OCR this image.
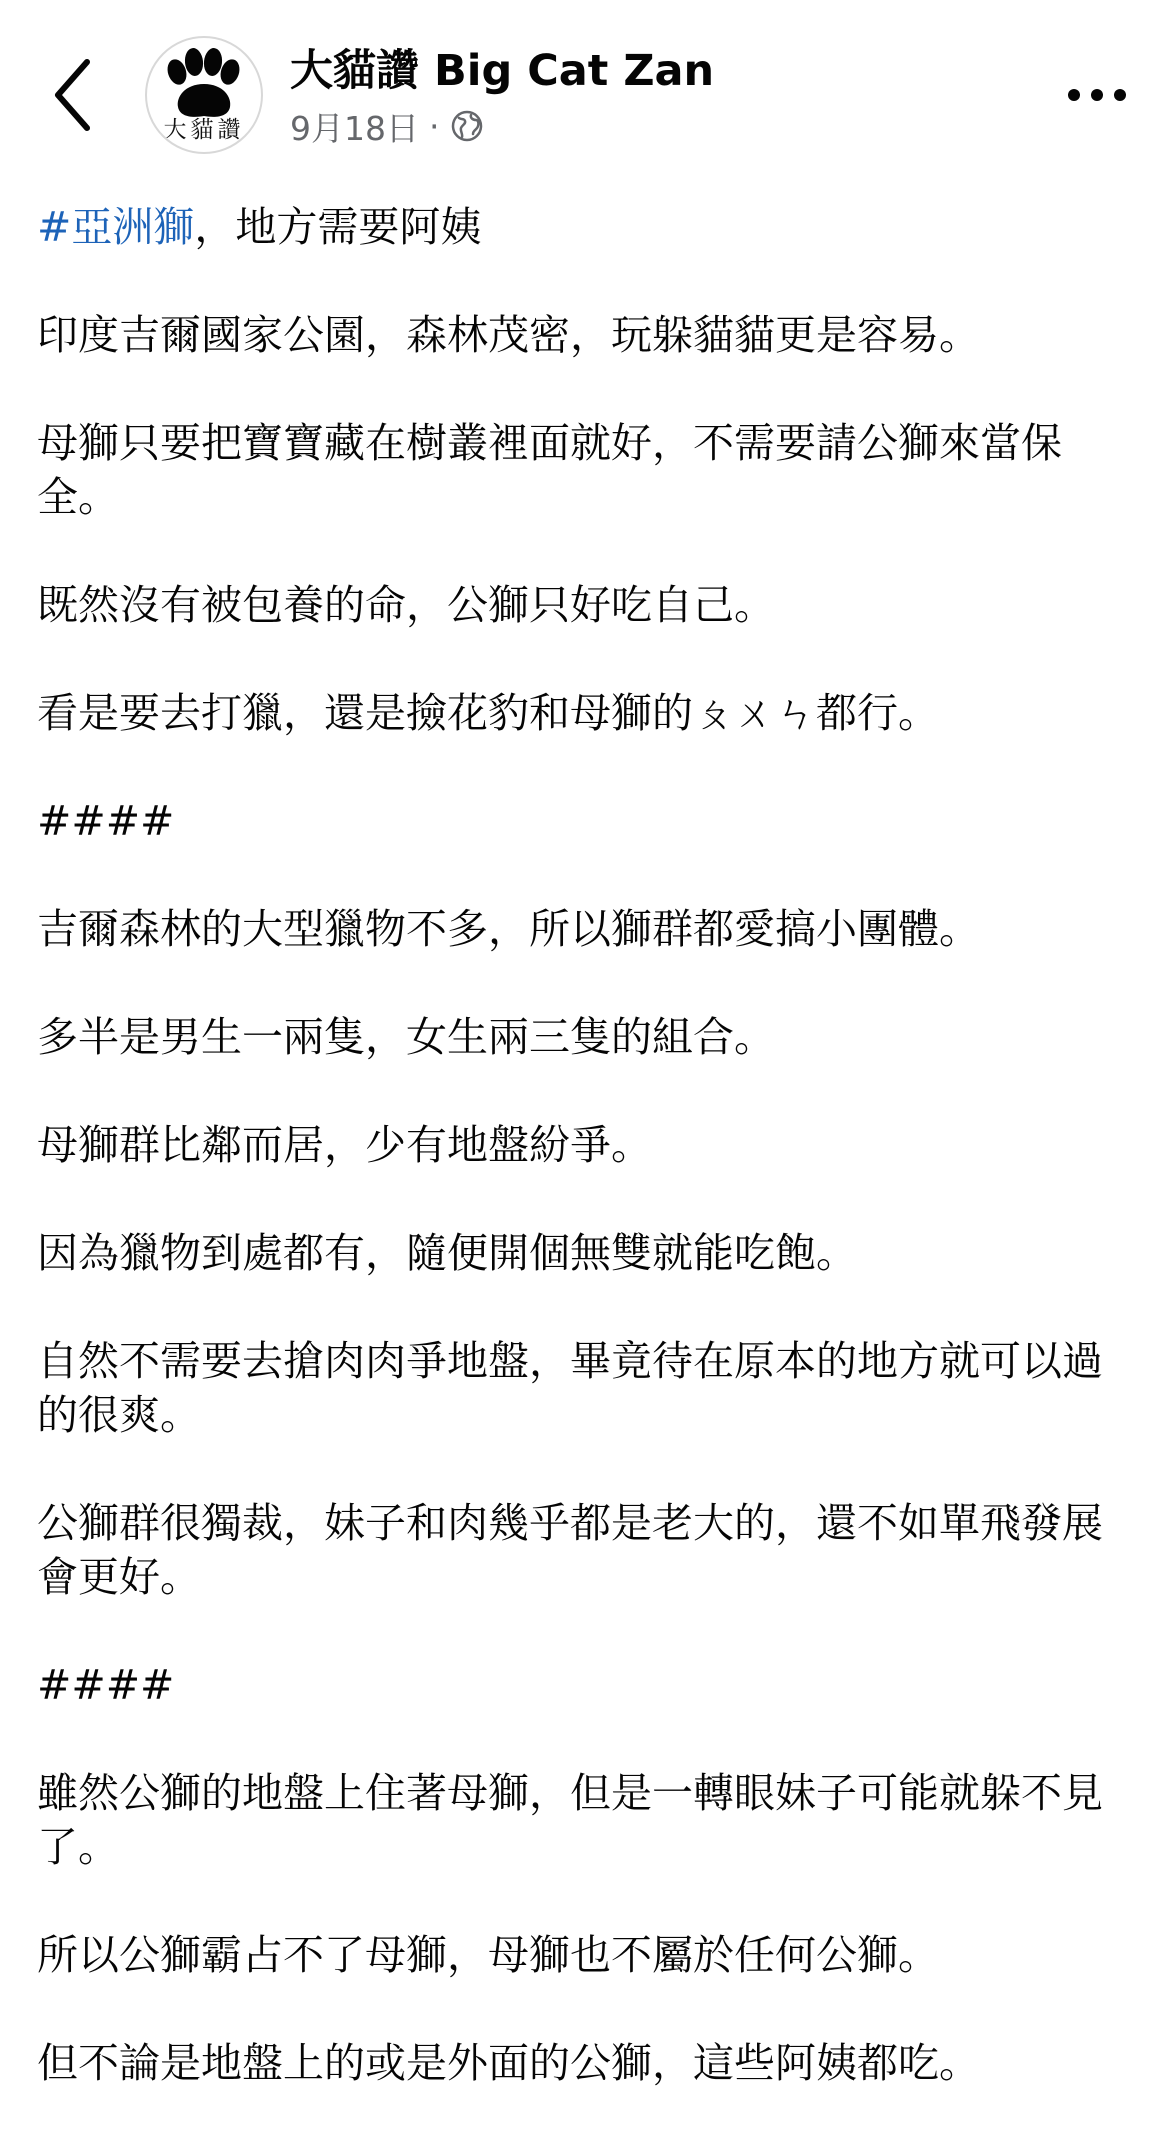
大貓讚
大貓讚 Big Cat Zan
9月18日 ·

#亞洲獅，地方需要阿姨

印度吉爾國家公園，森林茂密，玩躲貓貓更是容易。

母獅只要把寶寶藏在樹叢裡面就好，不需要請公獅來當保全。

既然沒有被包養的命，公獅只好吃自己。

看是要去打獵，還是撿花豹和母獅的ㄆㄨㄣ都行。

####

吉爾森林的大型獵物不多，所以獅群都愛搞小團體。

多半是男生一兩隻，女生兩三隻的組合。

母獅群比鄰而居，少有地盤紛爭。

因為獵物到處都有，隨便開個無雙就能吃飽。

自然不需要去搶肉肉爭地盤，畢竟待在原本的地方就可以過的很爽。

公獅群很獨裁，妹子和肉幾乎都是老大的，還不如單飛發展會更好。

####

雖然公獅的地盤上住著母獅，但是一轉眼妹子可能就躲不見了。

所以公獅霸占不了母獅，母獅也不屬於任何公獅。

但不論是地盤上的或是外面的公獅，這些阿姨都吃。
